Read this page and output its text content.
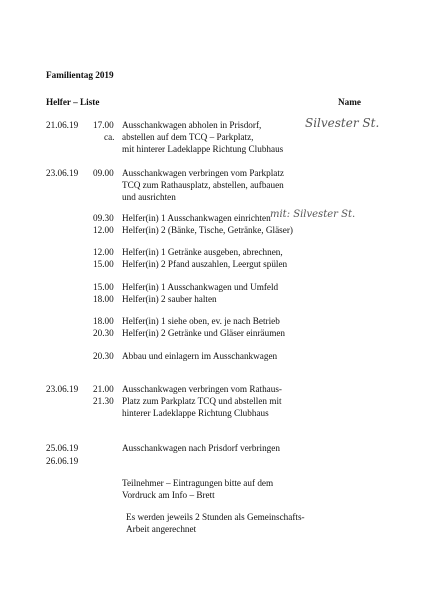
Familientag 2019
Helfer – Liste	Name
21.06.19 17.00 Ausschankwagen abholen in Prisdorf,
ca. abstellen auf dem TCQ – Parkplatz,
mit hinterer Ladeklappe Richtung Clubhaus
Silvester St.
23.06.19 09.00 Ausschankwagen verbringen vom Parkplatz
TCQ zum Rathausplatz, abstellen, aufbauen
und ausrichten
09.30 Helfer(in) 1 Ausschankwagen einrichten mit: Silvester St.
12.00 Helfer(in) 2 (Bänke, Tische, Getränke, Gläser)
12.00 Helfer(in) 1 Getränke ausgeben, abrechnen,
15.00 Helfer(in) 2 Pfand auszahlen, Leergut spülen
15.00 Helfer(in) 1 Ausschankwagen und Umfeld
18.00 Helfer(in) 2 sauber halten
18.00 Helfer(in) 1 siehe oben, ev. je nach Betrieb
20.30 Helfer(in) 2 Getränke und Gläser einräumen
20.30 Abbau und einlagern im Ausschankwagen
23.06.19 21.00 Ausschankwagen verbringen vom Rathaus-
21.30 Platz zum Parkplatz TCQ und abstellen mit
hinterer Ladeklappe Richtung Clubhaus
25.06.19	Ausschankwagen nach Prisdorf verbringen
26.06.19
Teilnehmer – Eintragungen bitte auf dem
Vordruck am Info – Brett
Es werden jeweils 2 Stunden als Gemeinschafts-
Arbeit angerechnet
